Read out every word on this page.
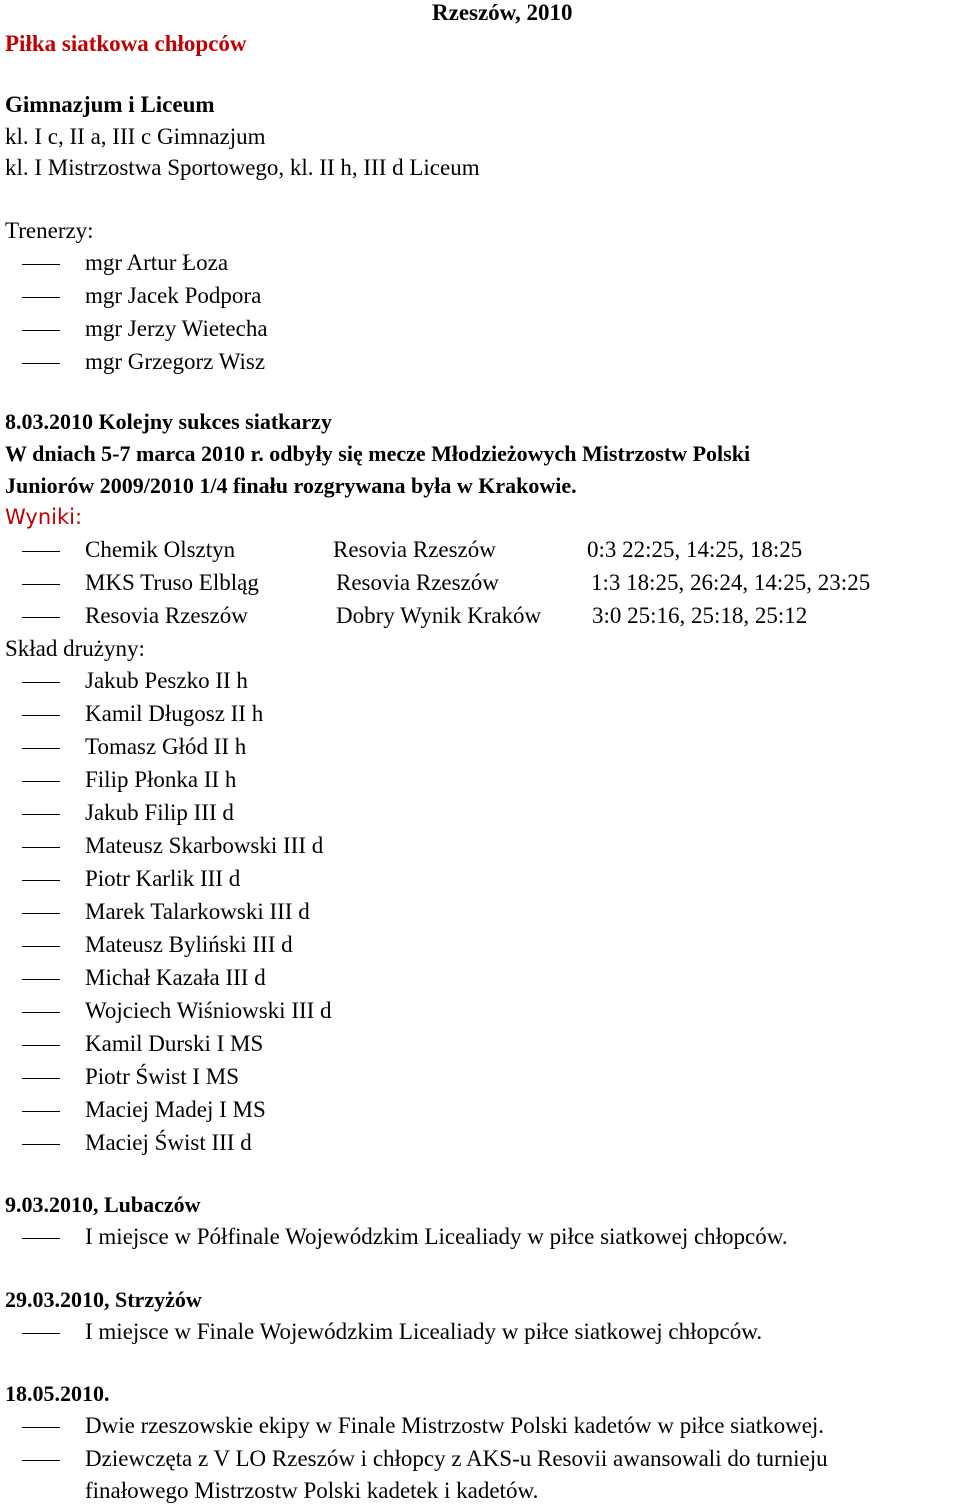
Rzeszów, 2010
Piłka siatkowa chłopców
Gimnazjum i Liceum
kl. I c, II a, III c Gimnazjum
kl. I Mistrzostwa Sportowego, kl. II h, III d Liceum
Trenerzy:
mgr Artur Łoza
mgr Jacek Podpora
mgr Jerzy Wietecha
mgr Grzegorz Wisz
8.03.2010 Kolejny sukces siatkarzy
W dniach 5-7 marca 2010 r. odbyły się mecze Młodzieżowych Mistrzostw Polski
Juniorów 2009/2010 1/4 finału rozgrywana była w Krakowie.
Wyniki:
Chemik Olsztyn	Resovia Rzeszów	0:3 22:25, 14:25, 18:25
MKS Truso Elbląg	Resovia Rzeszów	1:3 18:25, 26:24, 14:25, 23:25
Resovia Rzeszów	Dobry Wynik Kraków 3:0 25:16, 25:18, 25:12
Skład drużyny:
Jakub Peszko II h
Kamil Długosz II h
Tomasz Głód II h
Filip Płonka II h
Jakub Filip III d
Mateusz Skarbowski III d
Piotr Karlik III d
Marek Talarkowski III d
Mateusz Byliński III d
Michał Kazała III d
Wojciech Wiśniowski III d
Kamil Durski I MS
Piotr Świst I MS
Maciej Madej I MS
Maciej Świst III d
9.03.2010, Lubaczów
I miejsce w Półfinale Wojewódzkim Licealiady w piłce siatkowej chłopców.
29.03.2010, Strzyżów
I miejsce w Finale Wojewódzkim Licealiady w piłce siatkowej chłopców.
18.05.2010.
Dwie rzeszowskie ekipy w Finale Mistrzostw Polski kadetów w piłce siatkowej.
Dziewczęta z V LO Rzeszów i chłopcy z AKS-u Resovii awansowali do turnieju
finałowego Mistrzostw Polski kadetek i kadetów.
